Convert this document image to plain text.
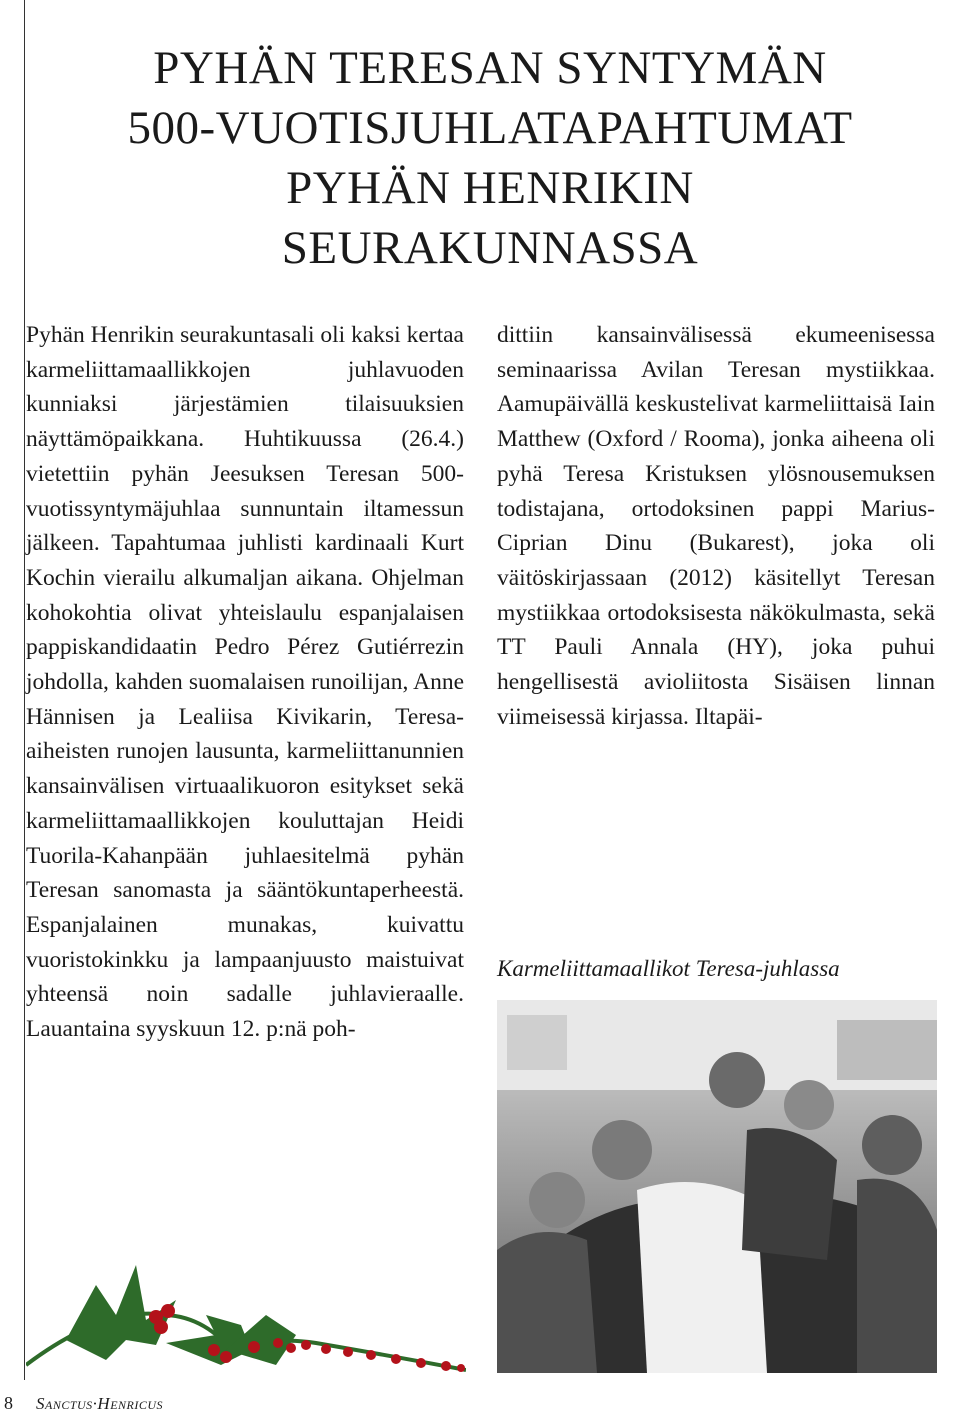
PYHÄN TERESAN SYNTYMÄN
500-VUOTISJUHLATAPAHTUMAT
PYHÄN HENRIKIN
SEURAKUNNASSA

Pyhän Henrikin seurakuntasali oli kaksi kertaa karmeliittamaallikkojen juhlavuoden kunniaksi järjestämien tilaisuuksien näyttämöpaikkana. Huhtikuussa (26.4.) vietettiin pyhän Jeesuksen Teresan 500-vuotissyntymäjuhlaa sunnuntain iltamessun jälkeen. Tapahtumaa juhlisti kardinaali Kurt Kochin vierailu alkumaljan aikana. Ohjelman kohokohtia olivat yhteislaulu espanjalaisen pappiskandidaatin Pedro Pérez Gutiérrezin johdolla, kahden suomalaisen runoilijan, Anne Hännisen ja Lealiisa Kivikarin, Teresa-aiheisten runojen lausunta, karmeliittanunnien kansainvälisen virtuaalikuoron esitykset sekä karmeliittamaallikkojen kouluttajan Heidi Tuorila-Kahanpään juhlaesitelmä pyhän Teresan sanomasta ja sääntökuntaperheestä. Espanjalainen munakas, kuivattu vuoristokinkku ja lampaanjuusto maistuivat yhteensä noin sadalle juhlavieraalle. Lauantaina syyskuun 12. p:nä poh-

dittiin kansainvälisessä ekumeenisessa seminaarissa Avilan Teresan mystiikkaa. Aamupäivällä keskustelivat karmeliittaisä Iain Matthew (Oxford / Rooma), jonka aiheena oli pyhä Teresa Kristuksen ylösnousemuksen todistajana, ortodoksinen pappi Marius-Ciprian Dinu (Bukarest), joka oli väitöskirjassaan (2012) käsitellyt Teresan mystiikkaa ortodoksisesta näkökulmasta, sekä TT Pauli Annala (HY), joka puhui hengellisestä avioliitosta Sisäisen linnan viimeisessä kirjassa. Iltapäi-

Karmeliittamaallikot Teresa-juhlassa
8 Sanctus·Henricus
